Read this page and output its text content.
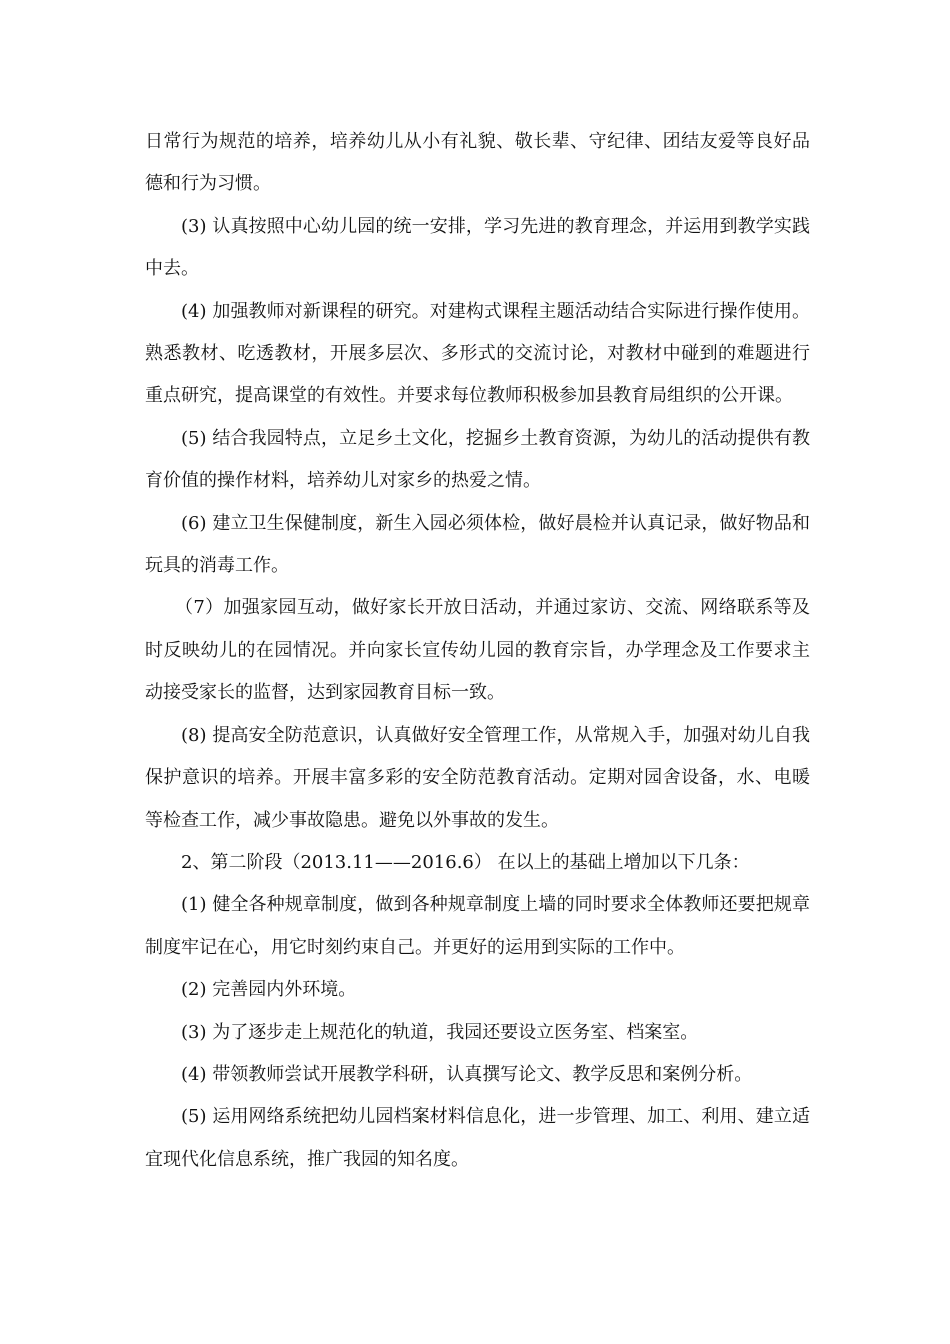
日常行为规范的培养，培养幼儿从小有礼貌、敬长辈、守纪律、团结友爱等良好品德和行为习惯。

(3) 认真按照中心幼儿园的统一安排，学习先进的教育理念，并运用到教学实践中去。

(4) 加强教师对新课程的研究。对建构式课程主题活动结合实际进行操作使用。熟悉教材、吃透教材，开展多层次、多形式的交流讨论，对教材中碰到的难题进行重点研究，提高课堂的有效性。并要求每位教师积极参加县教育局组织的公开课。

(5) 结合我园特点，立足乡土文化，挖掘乡土教育资源，为幼儿的活动提供有教育价值的操作材料，培养幼儿对家乡的热爱之情。

(6) 建立卫生保健制度，新生入园必须体检，做好晨检并认真记录，做好物品和玩具的消毒工作。

（7）加强家园互动，做好家长开放日活动，并通过家访、交流、网络联系等及时反映幼儿的在园情况。并向家长宣传幼儿园的教育宗旨，办学理念及工作要求主动接受家长的监督，达到家园教育目标一致。

(8) 提高安全防范意识，认真做好安全管理工作，从常规入手，加强对幼儿自我保护意识的培养。开展丰富多彩的安全防范教育活动。定期对园舍设备，水、电暖等检查工作，减少事故隐患。避免以外事故的发生。

2、第二阶段（2013.11——2016.6） 在以上的基础上增加以下几条：

(1) 健全各种规章制度，做到各种规章制度上墙的同时要求全体教师还要把规章制度牢记在心，用它时刻约束自己。并更好的运用到实际的工作中。

(2) 完善园内外环境。

(3) 为了逐步走上规范化的轨道，我园还要设立医务室、档案室。

(4) 带领教师尝试开展教学科研，认真撰写论文、教学反思和案例分析。

(5) 运用网络系统把幼儿园档案材料信息化，进一步管理、加工、利用、建立适宜现代化信息系统，推广我园的知名度。
